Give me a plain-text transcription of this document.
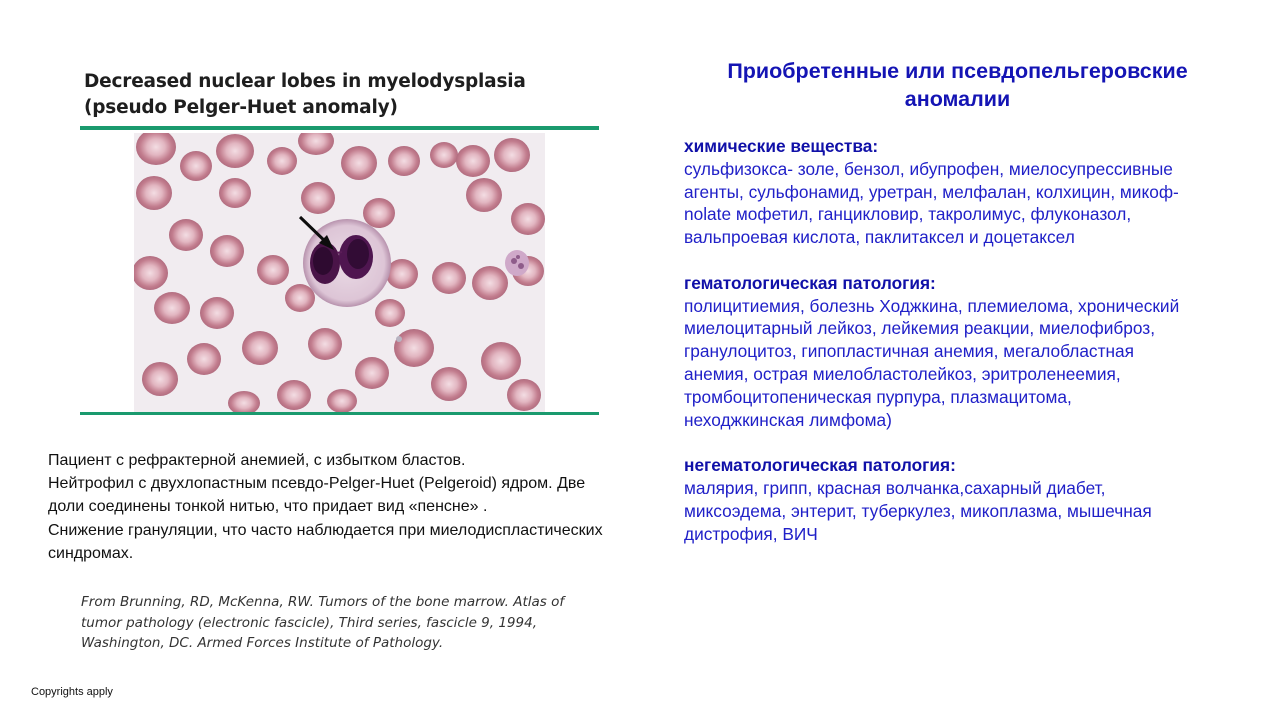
Decreased nuclear lobes in myelodysplasia
(pseudo Pelger-Huet anomaly)

Пациент с рефрактерной анемией, с избытком бластов.

Нейтрофил с двухлопастным псевдо-Pelger-Huet (Pelgeroid) ядром. Две

доли соединены тонкой нитью, что придает вид «пенсне» .

Снижение грануляции, что часто наблюдается при миелодиспластических

синдромах.

From Brunning, RD, McKenna, RW. Tumors of the bone marrow. Atlas of

tumor pathology (electronic fascicle), Third series, fascicle 9, 1994,

Washington, DC. Armed Forces Institute of Pathology.

Copyrights apply
Приобретенные или псевдопельгеровские
аномалии
химические вещества:

сульфизокса- золе, бензол, ибупрофен, миелосупрессивные

агенты, сульфонамид, уретран, мелфалан, колхицин, микоф-

nolate мофетил, ганцикловир, такролимус, флуконазол,

вальпроевая кислота, паклитаксел и доцетаксел

гематологическая патология:

полицитиемия, болезнь Ходжкина, племиелома, хронический

миелоцитарный лейкоз, лейкемия реакции, миелофиброз,

гранулоцитоз, гипопластичная анемия, мегалобластная

анемия, острая миелобластолейкоз, эритроленеемия,

тромбоцитопеническая пурпура, плазмацитома,

неходжкинская лимфома)

негематологическая патология:

малярия, грипп, красная волчанка,сахарный диабет,

миксоэдема, энтерит, туберкулез, микоплазма, мышечная

дистрофия, ВИЧ
